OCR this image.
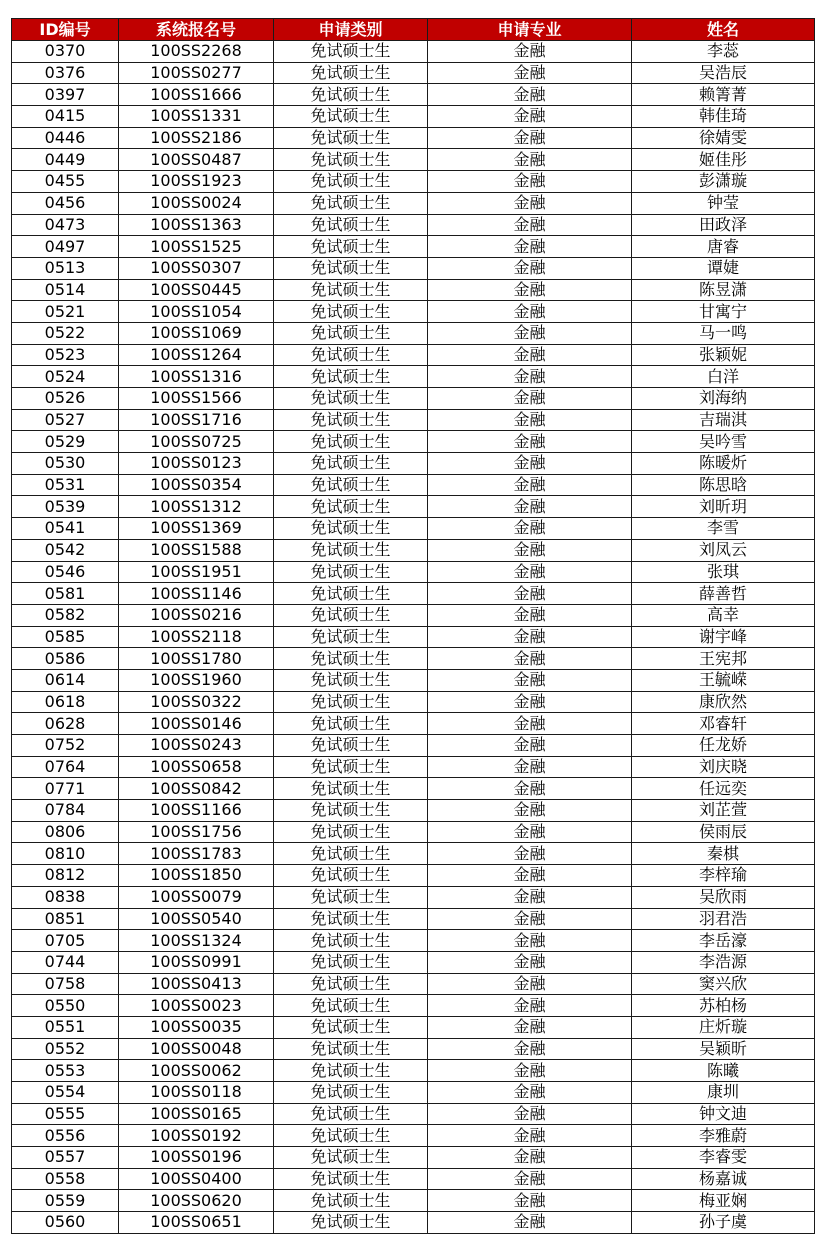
ID编号	系统报名号	申请类别	申请专业	姓名
0370	100SS2268	免试硕士生	金融	李蕊
0376	100SS0277	免试硕士生	金融	吴浩辰
0397	100SS1666	免试硕士生	金融	赖箐菁
0415	100SS1331	免试硕士生	金融	韩佳琦
0446	100SS2186	免试硕士生	金融	徐婧雯
0449	100SS0487	免试硕士生	金融	姬佳彤
0455	100SS1923	免试硕士生	金融	彭潇璇
0456	100SS0024	免试硕士生	金融	钟莹
0473	100SS1363	免试硕士生	金融	田政泽
0497	100SS1525	免试硕士生	金融	唐睿
0513	100SS0307	免试硕士生	金融	谭婕
0514	100SS0445	免试硕士生	金融	陈昱潇
0521	100SS1054	免试硕士生	金融	甘寓宁
0522	100SS1069	免试硕士生	金融	马一鸣
0523	100SS1264	免试硕士生	金融	张颖妮
0524	100SS1316	免试硕士生	金融	白洋
0526	100SS1566	免试硕士生	金融	刘海纳
0527	100SS1716	免试硕士生	金融	吉瑞淇
0529	100SS0725	免试硕士生	金融	吴吟雪
0530	100SS0123	免试硕士生	金融	陈暖炘
0531	100SS0354	免试硕士生	金融	陈思晗
0539	100SS1312	免试硕士生	金融	刘昕玥
0541	100SS1369	免试硕士生	金融	李雪
0542	100SS1588	免试硕士生	金融	刘凤云
0546	100SS1951	免试硕士生	金融	张琪
0581	100SS1146	免试硕士生	金融	薛善哲
0582	100SS0216	免试硕士生	金融	高幸
0585	100SS2118	免试硕士生	金融	谢宇峰
0586	100SS1780	免试硕士生	金融	王宪邦
0614	100SS1960	免试硕士生	金融	王毓嵘
0618	100SS0322	免试硕士生	金融	康欣然
0628	100SS0146	免试硕士生	金融	邓睿轩
0752	100SS0243	免试硕士生	金融	任龙娇
0764	100SS0658	免试硕士生	金融	刘庆晓
0771	100SS0842	免试硕士生	金融	任远奕
0784	100SS1166	免试硕士生	金融	刘芷萱
0806	100SS1756	免试硕士生	金融	侯雨辰
0810	100SS1783	免试硕士生	金融	秦棋
0812	100SS1850	免试硕士生	金融	李梓瑜
0838	100SS0079	免试硕士生	金融	吴欣雨
0851	100SS0540	免试硕士生	金融	羽君浩
0705	100SS1324	免试硕士生	金融	李岳濠
0744	100SS0991	免试硕士生	金融	李浩源
0758	100SS0413	免试硕士生	金融	窦兴欣
0550	100SS0023	免试硕士生	金融	苏柏杨
0551	100SS0035	免试硕士生	金融	庄炘璇
0552	100SS0048	免试硕士生	金融	吴颖昕
0553	100SS0062	免试硕士生	金融	陈曦
0554	100SS0118	免试硕士生	金融	康圳
0555	100SS0165	免试硕士生	金融	钟文迪
0556	100SS0192	免试硕士生	金融	李雅蔚
0557	100SS0196	免试硕士生	金融	李睿雯
0558	100SS0400	免试硕士生	金融	杨嘉诚
0559	100SS0620	免试硕士生	金融	梅亚娴
0560	100SS0651	免试硕士生	金融	孙子虞
